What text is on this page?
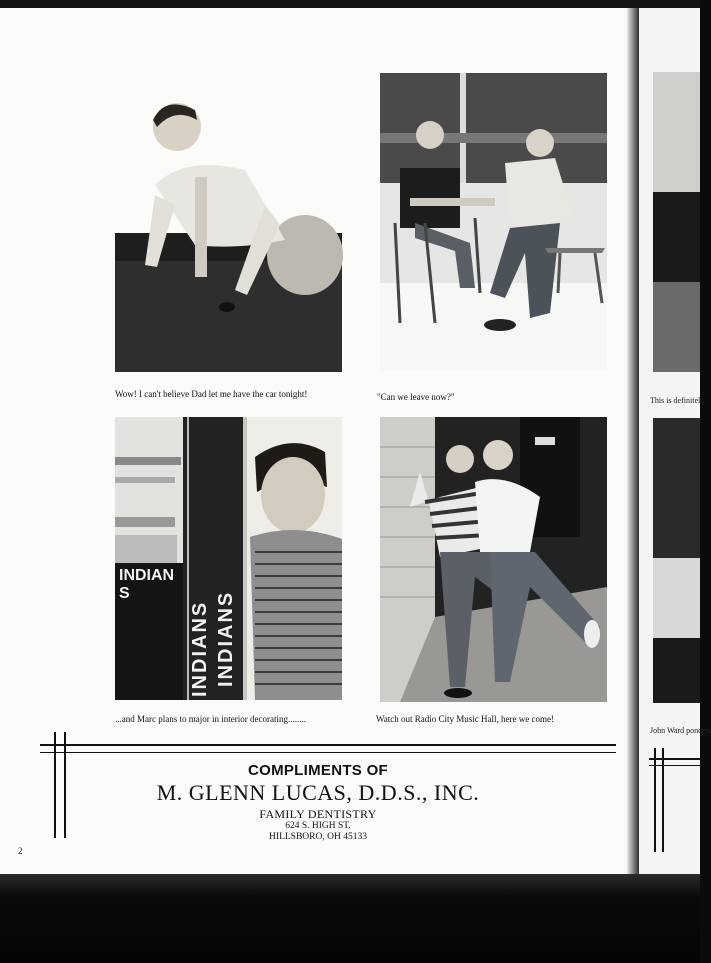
Wow! I can't believe Dad let me have the car tonight!	"Can we leave now?"
INDIANS INDIANS
INDIANS
...and Marc plans to major in interior decorating........	Watch out Radio City Music Hall, here we come!
COMPLIMENTS OF
M. GLENN LUCAS, D.D.S., INC.
FAMILY DENTISTRY
624 S. HIGH ST.
HILLSBORO, OH 45133
2
This is definitely
John Ward ponders
